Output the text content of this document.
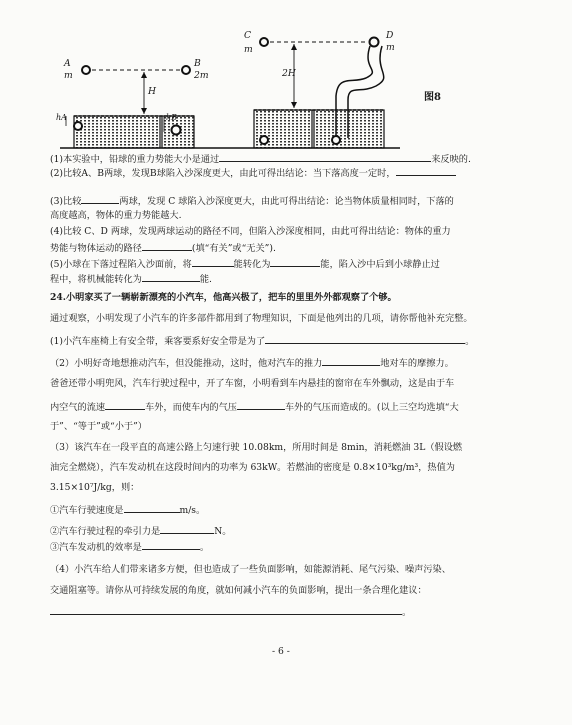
A
m
B
2m
H
hA	hB
C
m
D
m
2H
图8
(1)本实验中，铅球的重力势能大小是通过	来反映的.
(2)比较A、B两球，发现B球陷入沙深度更大，由此可得出结论：当下落高度一定时，
(3)比较	两球，发现 C 球陷入沙深度更大，由此可得出结论：论当物体质量相同时，下落的
高度越高，物体的重力势能越大.
(4)比较 C、D 两球，发现两球运动的路径不同，但陷入沙深度相同，由此可得出结论：物体的重力
势能与物体运动的路径	(填“有关”或“无关”).
(5)小球在下落过程陷入沙面前，将	能转化为	能，陷入沙中后到小球静止过
程中，将机械能转化为	能.
24.小明家买了一辆崭新漂亮的小汽车，他高兴极了，把车的里里外外都观察了个够。
通过观察，小明发现了小汽车的许多部件都用到了物理知识，下面是他列出的几项，请你帮他补充完整。
(1)小汽车座椅上有安全带，乘客要系好安全带是为了	。
（2）小明好奇地想推动汽车，但没能推动，这时，他对汽车的推力	地对车的摩擦力。
爸爸还带小明兜风，汽车行驶过程中，开了车窗，小明看到车内悬挂的窗帘在车外飘动，这是由于车
内空气的流速	车外，而使车内的气压	车外的气压而造成的。(以上三空均选填“大
于”、“等于”或“小于”）
（3）该汽车在一段平直的高速公路上匀速行驶 10.08km，所用时间是 8min，消耗燃油 3L（假设燃
油完全燃烧），汽车发动机在这段时间内的功率为 63kW。若燃油的密度是 0.8×10³kg/m³，热值为
3.15×10⁷J/kg，则：
①汽车行驶速度是	m/s。
②汽车行驶过程的牵引力是	N。
③汽车发动机的效率是	。
（4）小汽车给人们带来诸多方便，但也造成了一些负面影响，如能源消耗、尾气污染、噪声污染、
交通阻塞等。请你从可持续发展的角度，就如何减小汽车的负面影响，提出一条合理化建议：
。
- 6 -
